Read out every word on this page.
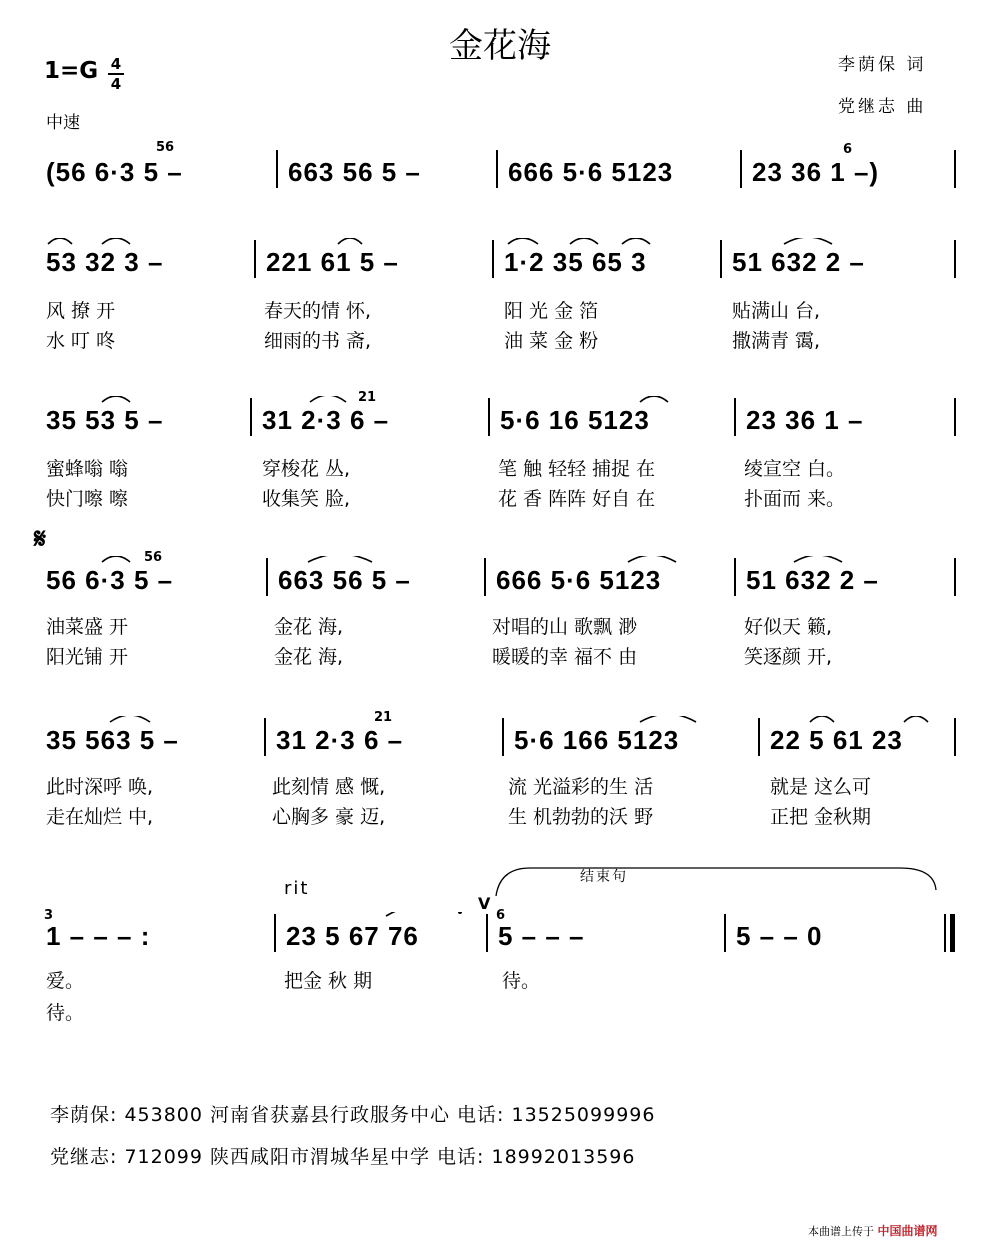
金花海	李荫保 词
党继志 曲
1=G 4
4
中速
(56 6·3 5 –	663 56 5 –	666 5·6 5123	23 36 1 –)
56	6
53 32 3 –	221 61 5 –	1·2 35 65 3	51 632 2 –
风 撩 开	春天的情 怀,	阳 光 金 箔	贴满山 台,
水 叮 咚	细雨的书 斋,	油 菜 金 粉	撒满青 霭,
35 53 5 –	31 2·3 6 –	5·6 16 5123	23 36 1 –
21
蜜蜂嗡 嗡	穿梭花 丛,	笔 触 轻轻 捕捉 在	绫宣空 白。
快门嚓 嚓	收集笑 脸,	花 香 阵阵 好自 在	扑面而 来。
𝄋
56 6·3 5 –	663 56 5 –	666 5·6 5123	51 632 2 –
56
油菜盛 开	金花 海,	对唱的山 歌飘 渺	好似天 籁,
阳光铺 开	金花 海,	暖暖的幸 福不 由	笑逐颜 开,
35 563 5 –	31 2·3 6 –	5·6 166 5123	22 5 61 23
21
此时深呼 唤,	此刻情 感 慨,	流 光溢彩的生 活	就是 这么可
走在灿烂 中,	心胸多 豪 迈,	生 机勃勃的沃 野	正把 金秋期
结束句
rit
V
1 – – – :	23 5 67 76	5 – – –	5 – – 0
3	6
爱。	把金 秋 期	待。
待。
李荫保: 453800 河南省获嘉县行政服务中心 电话: 13525099996
党继志: 712099 陕西咸阳市渭城华星中学 电话: 18992013596
本曲谱上传于 中国曲谱网
